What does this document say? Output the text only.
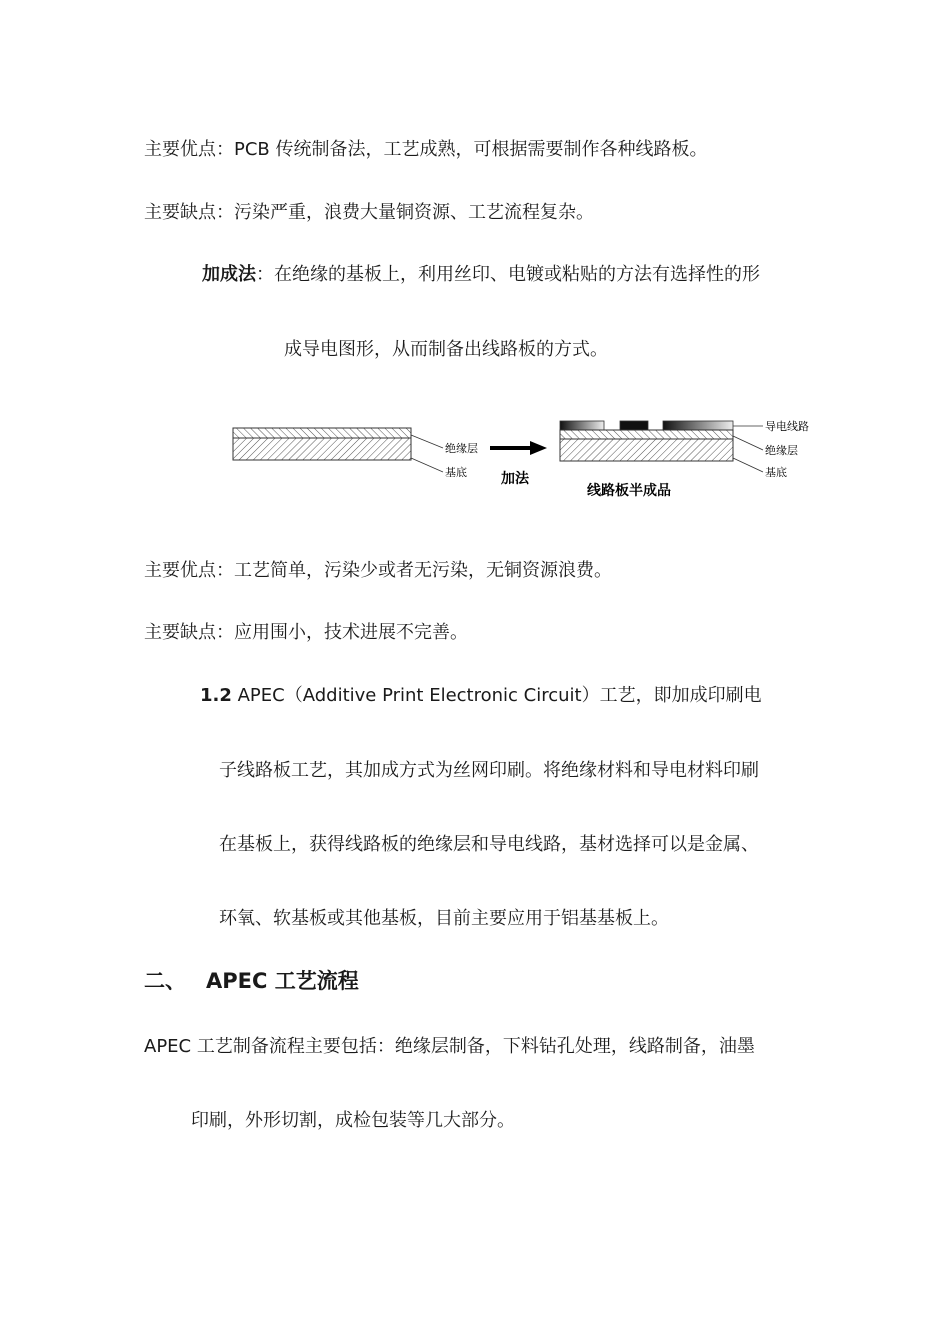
主要优点：PCB 传统制备法，工艺成熟，可根据需要制作各种线路板。
主要缺点：污染严重，浪费大量铜资源、工艺流程复杂。
加成法：在绝缘的基板上，利用丝印、电镀或粘贴的方法有选择性的形
成导电图形，从而制备出线路板的方式。
绝缘层
基底 加法
导电线路
绝缘层
基底
线路板半成品
主要优点：工艺简单，污染少或者无污染，无铜资源浪费。
主要缺点：应用围小，技术进展不完善。
1.2 APEC（Additive Print Electronic Circuit）工艺，即加成印刷电
子线路板工艺，其加成方式为丝网印刷。将绝缘材料和导电材料印刷
在基板上，获得线路板的绝缘层和导电线路，基材选择可以是金属、
环氧、软基板或其他基板，目前主要应用于铝基基板上。
二、 APEC 工艺流程
APEC 工艺制备流程主要包括：绝缘层制备，下料钻孔处理，线路制备，油墨
印刷，外形切割，成检包装等几大部分。
